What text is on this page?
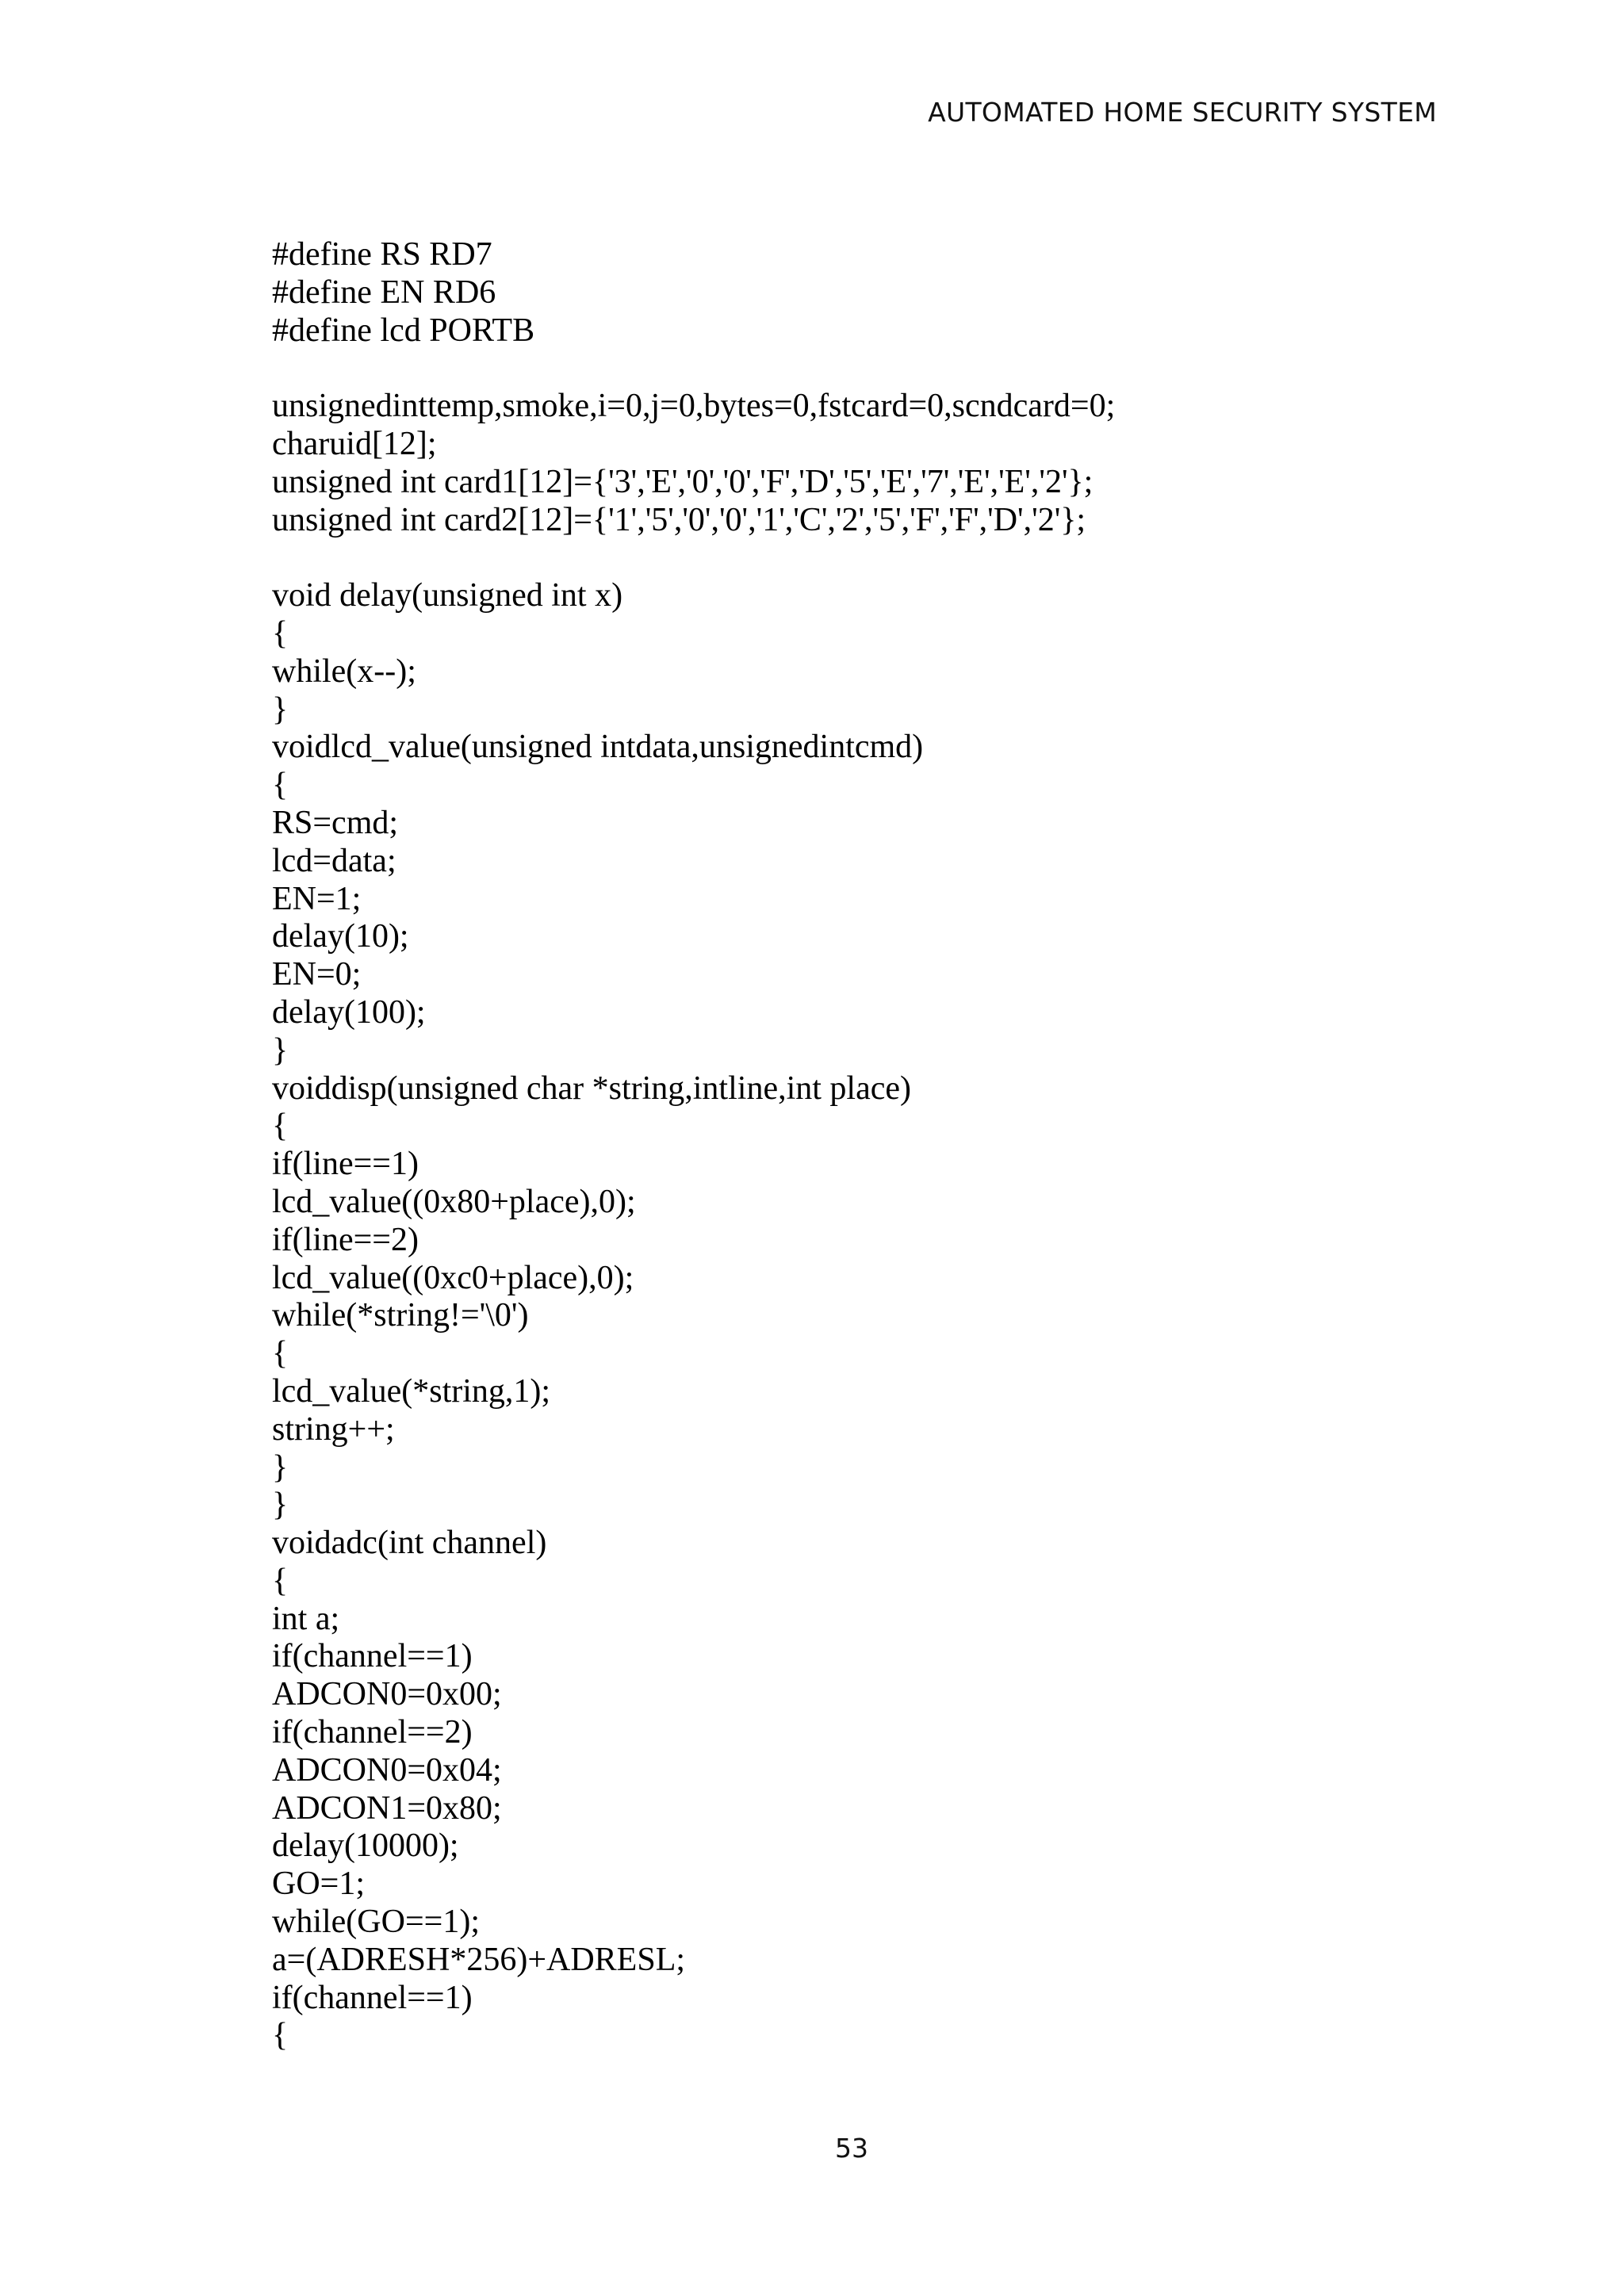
AUTOMATED HOME SECURITY SYSTEM
#define RS RD7
#define EN RD6
#define lcd PORTB
unsignedinttemp,smoke,i=0,j=0,bytes=0,fstcard=0,scndcard=0;
charuid[12];
unsigned int card1[12]={'3','E','0','0','F','D','5','E','7','E','E','2'};
unsigned int card2[12]={'1','5','0','0','1','C','2','5','F','F','D','2'};
void delay(unsigned int x)
{
while(x--);
}
voidlcd_value(unsigned intdata,unsignedintcmd)
{
RS=cmd;
lcd=data;
EN=1;
delay(10);
EN=0;
delay(100);
}
voiddisp(unsigned char *string,intline,int place)
{
if(line==1)
lcd_value((0x80+place),0);
if(line==2)
lcd_value((0xc0+place),0);
while(*string!='\0')
{
lcd_value(*string,1);
string++;
}
}
voidadc(int channel)
{
int a;
if(channel==1)
ADCON0=0x00;
if(channel==2)
ADCON0=0x04;
ADCON1=0x80;
delay(10000);
GO=1;
while(GO==1);
a=(ADRESH*256)+ADRESL;
if(channel==1)
{
53
